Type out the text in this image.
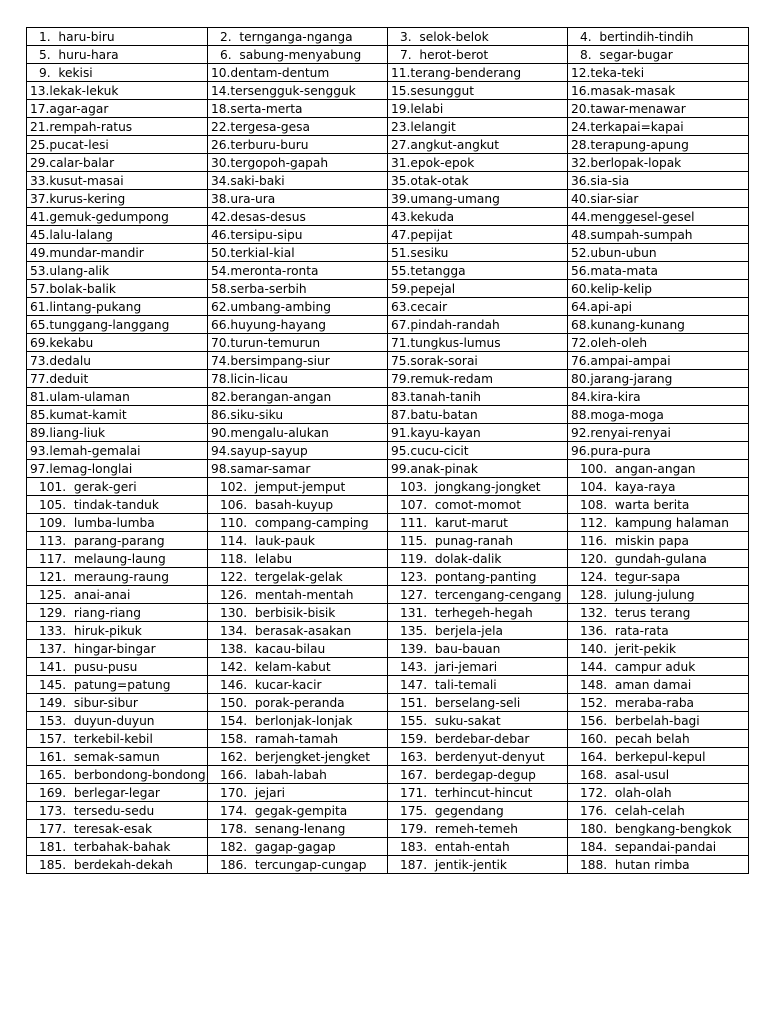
1.  haru-biru	2.  ternganga-nganga	3.  selok-belok	4.  bertindih-tindih

5.  huru-hara	6.  sabung-menyabung	7.  herot-berot	8.  segar-bugar

9.  kekisi	10.dentam-dentum	11.terang-benderang	12.teka-teki

13.lekak-lekuk	14.tersengguk-sengguk	15.sesunggut	16.masak-masak

17.agar-agar	18.serta-merta	19.lelabi	20.tawar-menawar

21.rempah-ratus	22.tergesa-gesa	23.lelangit	24.terkapai=kapai

25.pucat-lesi	26.terburu-buru	27.angkut-angkut	28.terapung-apung

29.calar-balar	30.tergopoh-gapah	31.epok-epok	32.berlopak-lopak

33.kusut-masai	34.saki-baki	35.otak-otak	36.sia-sia

37.kurus-kering	38.ura-ura	39.umang-umang	40.siar-siar

41.gemuk-gedumpong	42.desas-desus	43.kekuda	44.menggesel-gesel

45.lalu-lalang	46.tersipu-sipu	47.pepijat	48.sumpah-sumpah

49.mundar-mandir	50.terkial-kial	51.sesiku	52.ubun-ubun

53.ulang-alik	54.meronta-ronta	55.tetangga	56.mata-mata

57.bolak-balik	58.serba-serbih	59.pepejal	60.kelip-kelip

61.lintang-pukang	62.umbang-ambing	63.cecair	64.api-api

65.tunggang-langgang	66.huyung-hayang	67.pindah-randah	68.kunang-kunang

69.kekabu	70.turun-temurun	71.tungkus-lumus	72.oleh-oleh

73.dedalu	74.bersimpang-siur	75.sorak-sorai	76.ampai-ampai

77.deduit	78.licin-licau	79.remuk-redam	80.jarang-jarang

81.ulam-ulaman	82.berangan-angan	83.tanah-tanih	84.kira-kira

85.kumat-kamit	86.siku-siku	87.batu-batan	88.moga-moga

89.liang-liuk	90.mengalu-alukan	91.kayu-kayan	92.renyai-renyai

93.lemah-gemalai	94.sayup-sayup	95.cucu-cicit	96.pura-pura

97.lemag-longlai	98.samar-samar	99.anak-pinak	100.  angan-angan

101.  gerak-geri	102.  jemput-jemput	103.  jongkang-jongket	104.  kaya-raya

105.  tindak-tanduk	106.  basah-kuyup	107.  comot-momot	108.  warta berita

109.  lumba-lumba	110.  compang-camping	111.  karut-marut	112.  kampung halaman

113.  parang-parang	114.  lauk-pauk	115.  punag-ranah	116.  miskin papa

117.  melaung-laung	118.  lelabu	119.  dolak-dalik	120.  gundah-gulana

121.  meraung-raung	122.  tergelak-gelak	123.  pontang-panting	124.  tegur-sapa

125.  anai-anai	126.  mentah-mentah	127.  tercengang-cengang	128.  julung-julung

129.  riang-riang	130.  berbisik-bisik	131.  terhegeh-hegah	132.  terus terang

133.  hiruk-pikuk	134.  berasak-asakan	135.  berjela-jela	136.  rata-rata

137.  hingar-bingar	138.  kacau-bilau	139.  bau-bauan	140.  jerit-pekik

141.  pusu-pusu	142.  kelam-kabut	143.  jari-jemari	144.  campur aduk

145.  patung=patung	146.  kucar-kacir	147.  tali-temali	148.  aman damai

149.  sibur-sibur	150.  porak-peranda	151.  berselang-seli	152.  meraba-raba

153.  duyun-duyun	154.  berlonjak-lonjak	155.  suku-sakat	156.  berbelah-bagi

157.  terkebil-kebil	158.  ramah-tamah	159.  berdebar-debar	160.  pecah belah

161.  semak-samun	162.  berjengket-jengket	163.  berdenyut-denyut	164.  berkepul-kepul

165.  berbondong-bondong	166.  labah-labah	167.  berdegap-degup	168.  asal-usul

169.  berlegar-legar	170.  jejari	171.  terhincut-hincut	172.  olah-olah

173.  tersedu-sedu	174.  gegak-gempita	175.  gegendang	176.  celah-celah

177.  teresak-esak	178.  senang-lenang	179.  remeh-temeh	180.  bengkang-bengkok

181.  terbahak-bahak	182.  gagap-gagap	183.  entah-entah	184.  sepandai-pandai

185.  berdekah-dekah	186.  tercungap-cungap	187.  jentik-jentik	188.  hutan rimba
